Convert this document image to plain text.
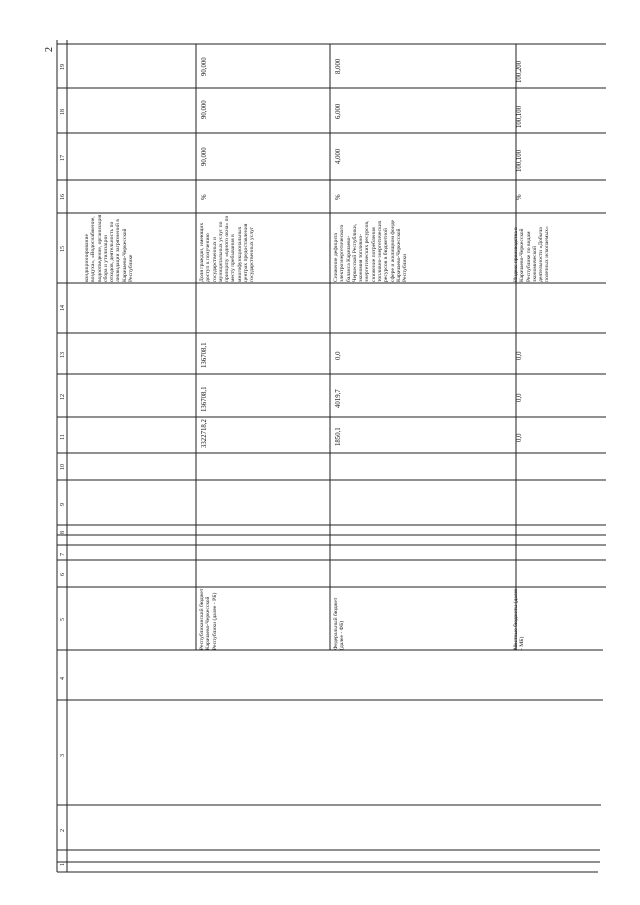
2
1
2
3
4
5
6
7
8
9
10
11
12
13
14
15
16
17
18
19
кондиционирование воздуха», «Водоснабжение, водоотведение, организация сбора и утилизации отходов, деятельность по ликвидации загрязнений в Карачаево-Черкесской Республике
Республиканский бюджет Карачаево-Черкесской Республики (далее - РБ)
3322718,2
136708,1
136708,1
Доля граждан, имеющих доступ к получению государственных и муниципальных услуг по принципу «одного окна» по месту пребывания в многофункциональных центрах предоставления государственных услуг
%
90,000
90,000
90,000
Федеральный бюджет (далее - ФБ)
1850,1
4019,7
0,0
Снижение дефицита электроэнергетического баланса Карачаево-Черкесской Республики, экономия топливно-энергетических ресурсов, снижение потребления топливно-энергетических ресурсов в бюджетной сфере и жилищном фонде Карачаево-Черкесской Республики
%
4,000
6,000
8,000
Местные бюджеты (далее - МБ)
0,0
0,0
0,0
Индекс производства в Карачаево-Черкесской Республике по видам экономической деятельности «Добыча полезных ископаемых»
%
100,100
100,100
100,200
